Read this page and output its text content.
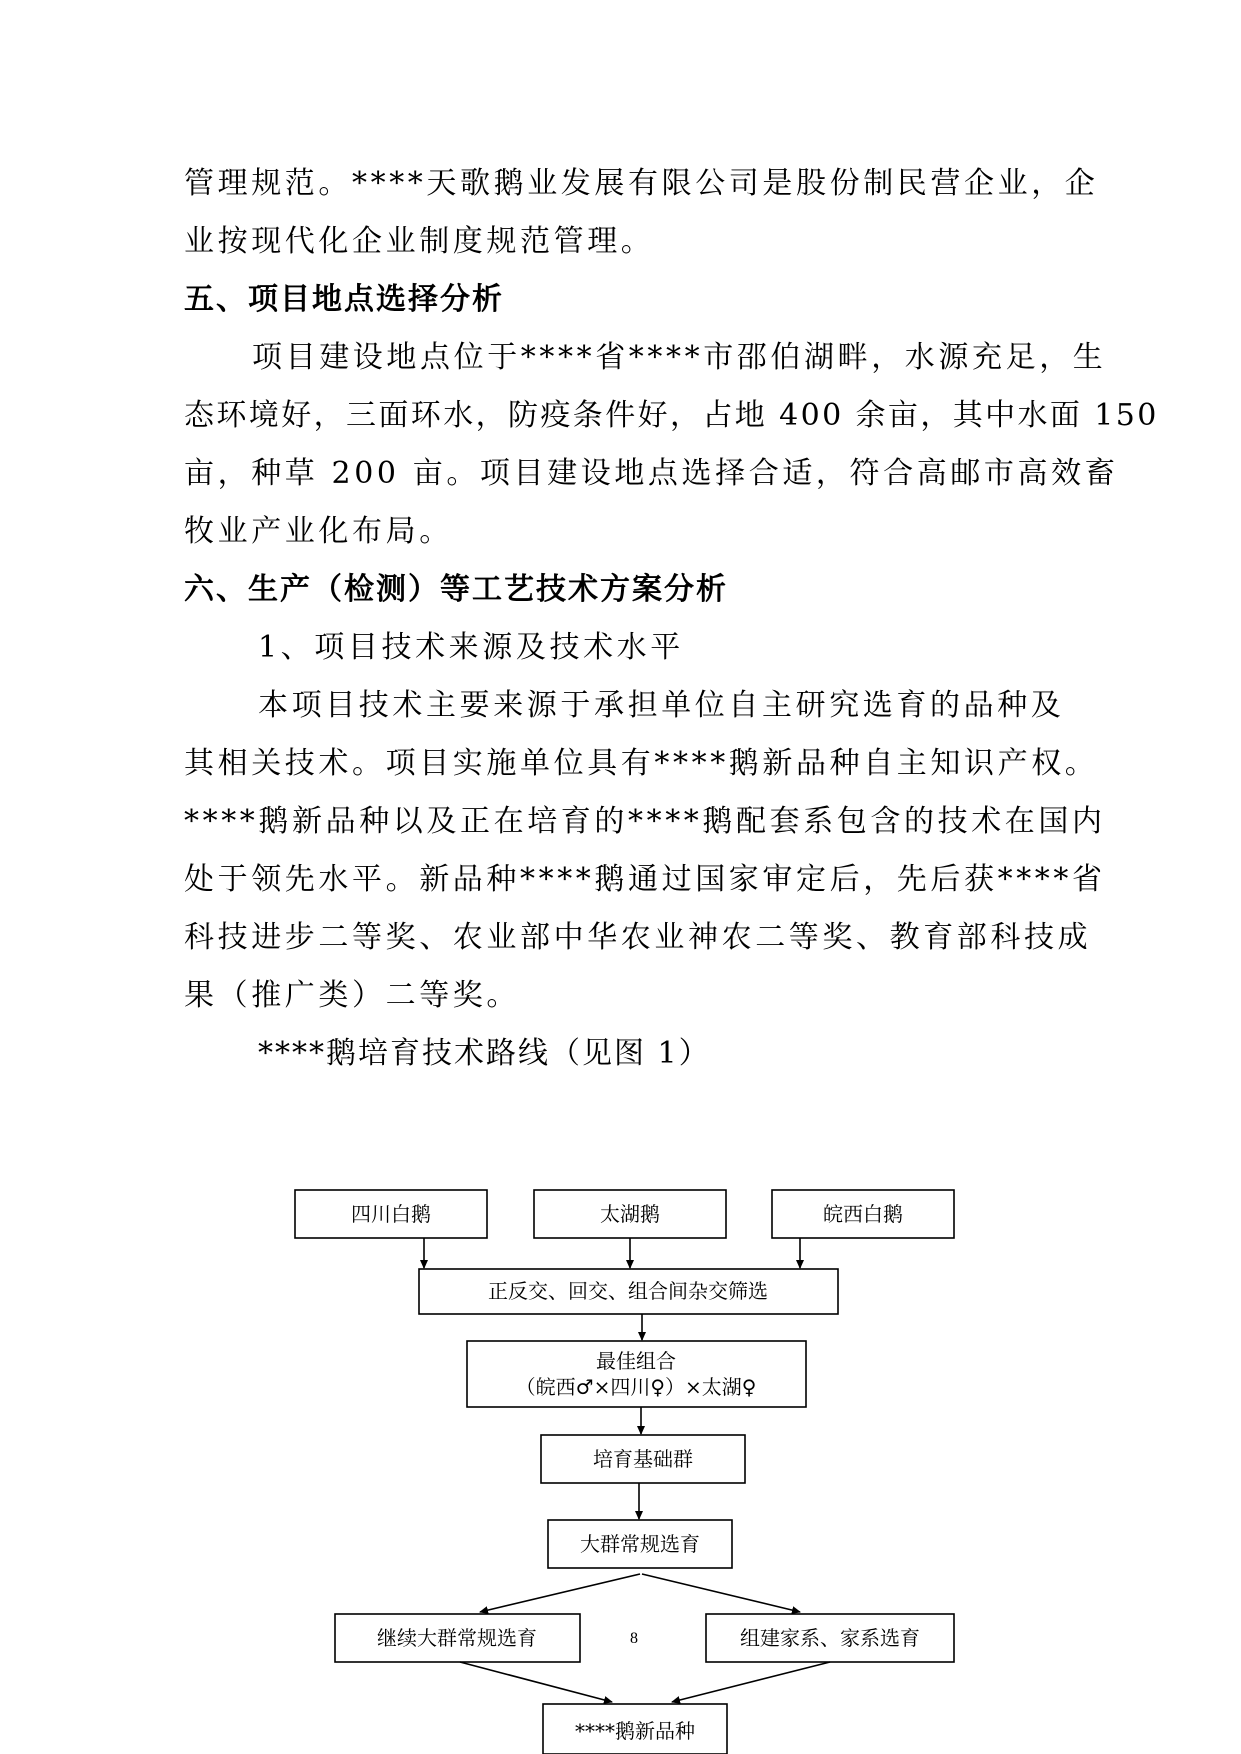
管理规范。****天歌鹅业发展有限公司是股份制民营企业，企
业按现代化企业制度规范管理。
五、项目地点选择分析
项目建设地点位于****省****市邵伯湖畔，水源充足，生
态环境好，三面环水，防疫条件好，占地 400 余亩，其中水面 150
亩，种草 200 亩。项目建设地点选择合适，符合高邮市高效畜
牧业产业化布局。
六、生产（检测）等工艺技术方案分析
1、项目技术来源及技术水平
本项目技术主要来源于承担单位自主研究选育的品种及
其相关技术。项目实施单位具有****鹅新品种自主知识产权。
****鹅新品种以及正在培育的****鹅配套系包含的技术在国内
处于领先水平。新品种****鹅通过国家审定后，先后获****省
科技进步二等奖、农业部中华农业神农二等奖、教育部科技成
果（推广类）二等奖。
****鹅培育技术路线（见图 1）
四川白鹅	太湖鹅	皖西白鹅
正反交、回交、组合间杂交筛选
最佳组合
（皖西♂×四川♀）×太湖♀
培育基础群
大群常规选育
继续大群常规选育	组建家系、家系选育
****鹅新品种
8
